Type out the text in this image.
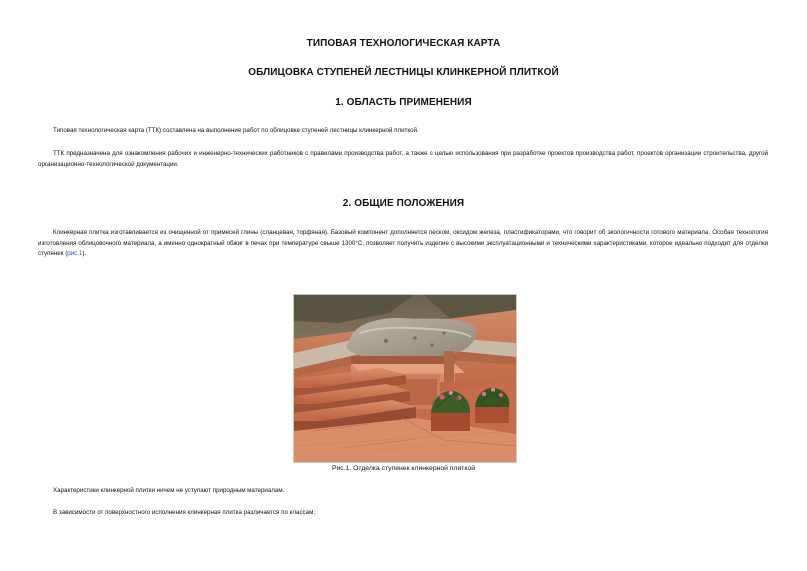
ТИПОВАЯ ТЕХНОЛОГИЧЕСКАЯ КАРТА
ОБЛИЦОВКА СТУПЕНЕЙ ЛЕСТНИЦЫ КЛИНКЕРНОЙ ПЛИТКОЙ
1. ОБЛАСТЬ ПРИМЕНЕНИЯ
Типовая технологическая карта (ТТК) составлена на выполнение работ по облицовке ступеней лестницы клинкерной плиткой.
ТТК предназначена для ознакомления рабочих и инженерно-технических работников с правилами производства работ, а также с целью использования при разработке проектов производства работ, проектов организации строительства, другой организационно-технологической документации.
2. ОБЩИЕ ПОЛОЖЕНИЯ
Клинкерная плитка изготавливается из очищенной от примесей глины (сланцевая, торфяная). Базовый компонент дополняется песком, оксидом железа, пластификаторами, что говорит об экологичности готового материала. Особая технология изготовления облицовочного материала, а именно однократный обжиг в печах при температуре свыше 1300°С, позволяет получить изделие с высокими эксплуатационными и техническими характеристиками, которое идеально подходит для отделки ступенек (рис.1).
Рис.1. Отделка ступенек клинкерной плиткой
Характеристики клинкерной плитки ничем не уступают природным материалам.
В зависимости от поверхностного исполнения клинкерная плитка различается по классам:
